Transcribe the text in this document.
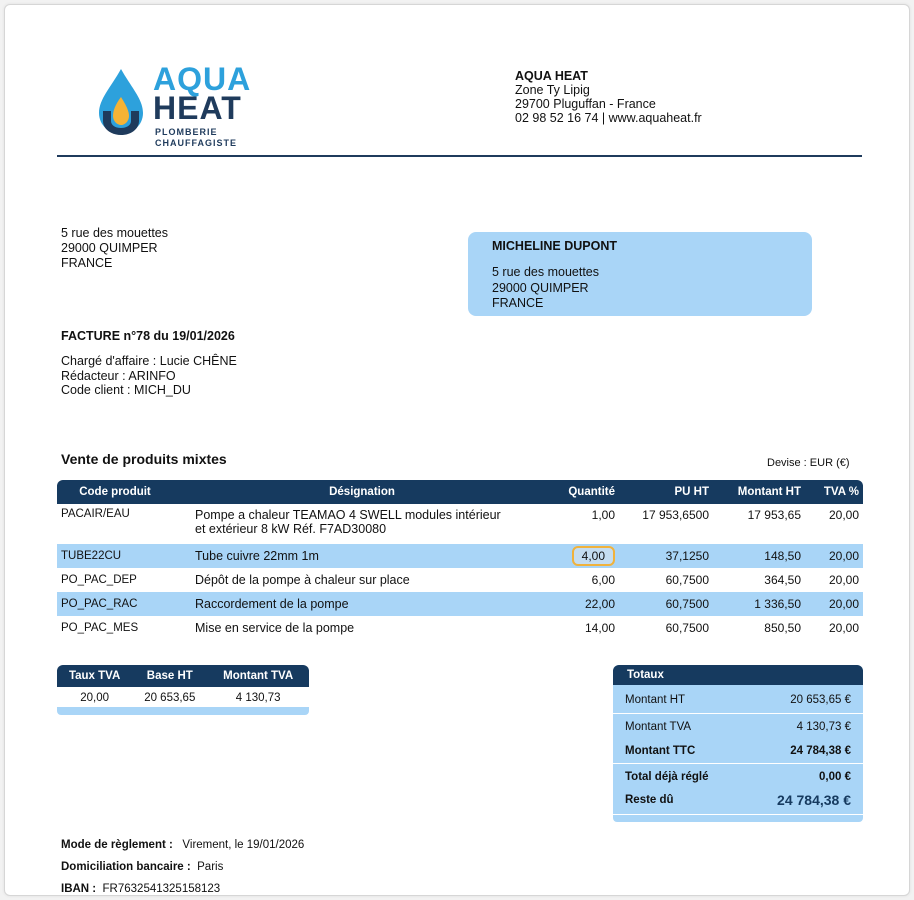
AQUA
HEAT
PLOMBERIE
CHAUFFAGISTE
AQUA HEAT
Zone Ty Lipig
29700 Pluguffan - France
02 98 52 16 74 | www.aquaheat.fr
5 rue des mouettes
29000 QUIMPER
FRANCE
MICHELINE DUPONT
5 rue des mouettes
29000 QUIMPER
FRANCE
FACTURE n°78 du 19/01/2026
Chargé d'affaire : Lucie CHÊNE
Rédacteur : ARINFO
Code client : MICH_DU
Vente de produits mixtes	Devise : EUR (€)
Code produit	Désignation	Quantité	PU HT	Montant HT	TVA %
PACAIR/EAU	Pompe a chaleur TEAMAO 4 SWELL modules intérieur
et extérieur 8 kW Réf. F7AD30080	1,00	17 953,6500	17 953,65	20,00
TUBE22CU	Tube cuivre 22mm 1m	4,00	37,1250	148,50	20,00
PO_PAC_DEP	Dépôt de la pompe à chaleur sur place	6,00	60,7500	364,50	20,00
PO_PAC_RAC	Raccordement de la pompe	22,00	60,7500	1 336,50	20,00
PO_PAC_MES	Mise en service de la pompe	14,00	60,7500	850,50	20,00
Taux TVA	Base HT	Montant TVA
20,00	20 653,65	4 130,73
Totaux
Montant HT	20 653,65 €
Montant TVA	4 130,73 €
Montant TTC	24 784,38 €
Total déjà réglé	0,00 €
Reste dû	24 784,38 €
Mode de règlement : Virement, le 19/01/2026
Domiciliation bancaire : Paris
IBAN : FR7632541325158123
